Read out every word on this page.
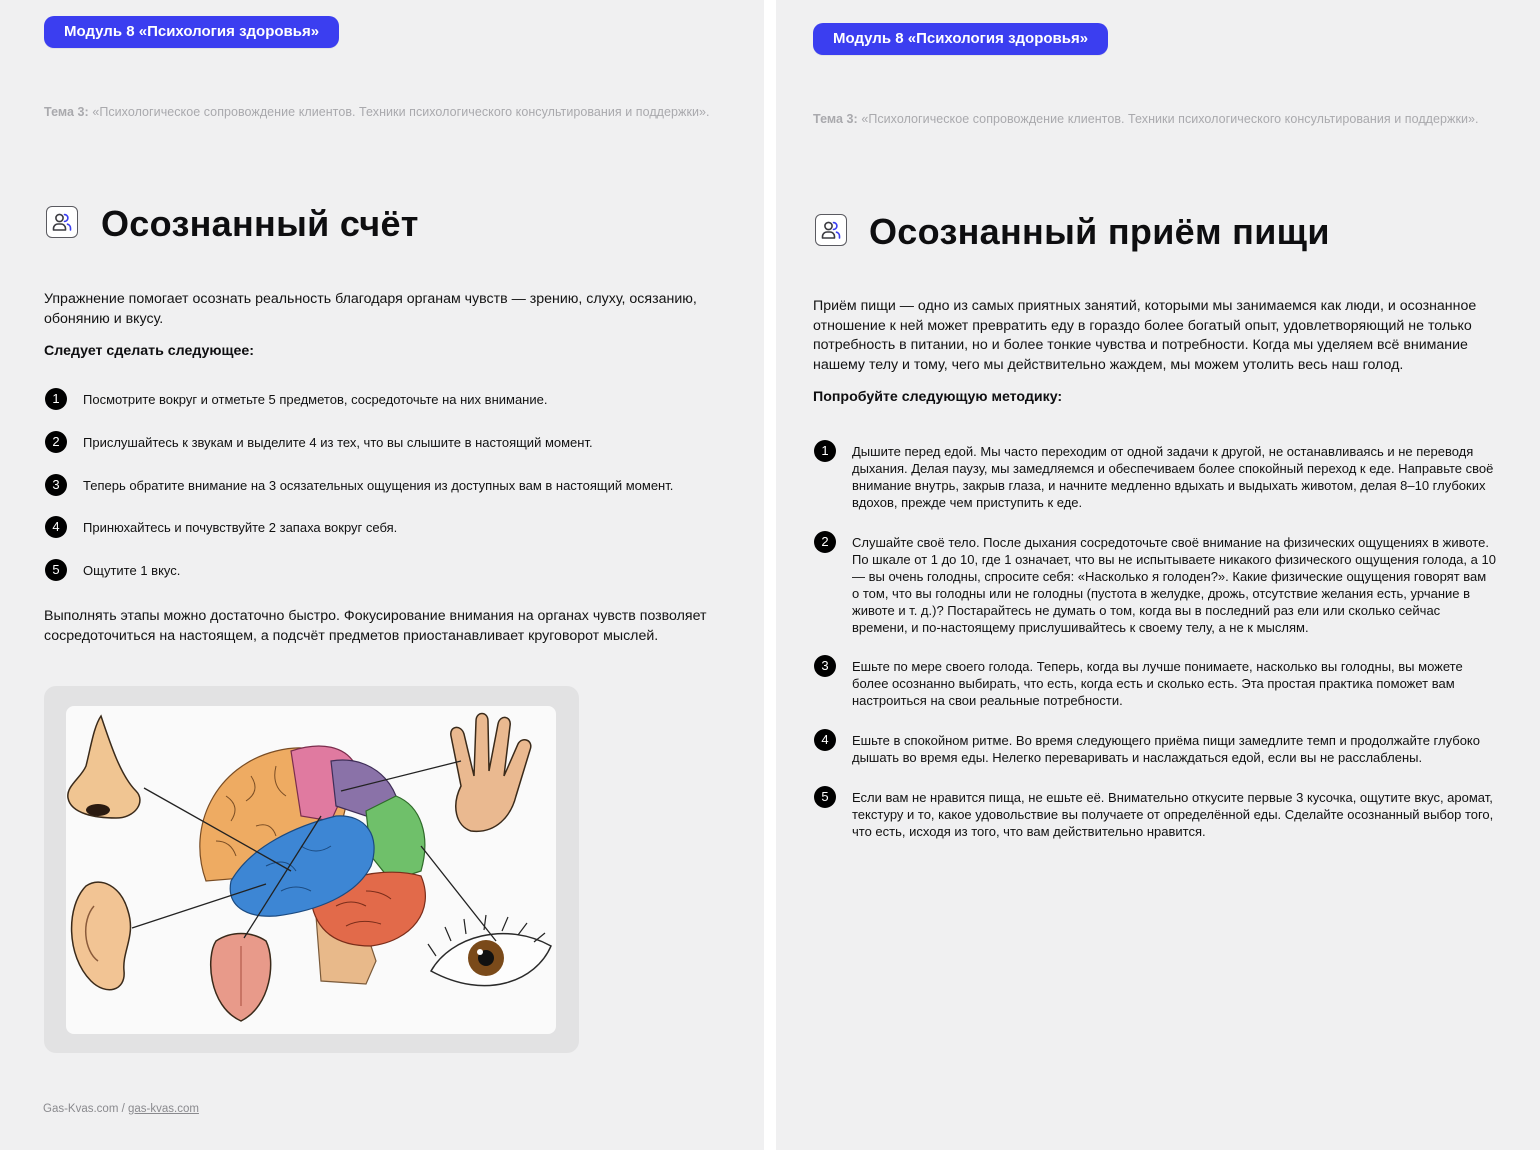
Модуль 8 «Психология здоровья»
Тема 3: «Психологическое сопровождение клиентов. Техники психологического консультирования и поддержки».
Осознанный счёт
Упражнение помогает осознать реальность благодаря органам чувств — зрению, слуху, осязанию, обонянию и вкусу.
Следует сделать следующее:
1	Посмотрите вокруг и отметьте 5 предметов, сосредоточьте на них внимание.
2	Прислушайтесь к звукам и выделите 4 из тех, что вы слышите в настоящий момент.
3	Теперь обратите внимание на 3 осязательных ощущения из доступных вам в настоящий момент.
4	Принюхайтесь и почувствуйте 2 запаха вокруг себя.
5	Ощутите 1 вкус.
Выполнять этапы можно достаточно быстро. Фокусирование внимания на органах чувств позволяет сосредоточиться на настоящем, а подсчёт предметов приостанавливает круговорот мыслей.
Gas-Kvas.com / gas-kvas.com
Модуль 8 «Психология здоровья»
Тема 3: «Психологическое сопровождение клиентов. Техники психологического консультирования и поддержки».
Осознанный приём пищи
Приём пищи — одно из самых приятных занятий, которыми мы занимаемся как люди, и осознанное отношение к ней может превратить еду в гораздо более богатый опыт, удовлетворяющий не только потребность в питании, но и более тонкие чувства и потребности. Когда мы уделяем всё внимание нашему телу и тому, чего мы действительно жаждем, мы можем утолить весь наш голод.
Попробуйте следующую методику:
1	Дышите перед едой. Мы часто переходим от одной задачи к другой, не останавливаясь и не переводя дыхания. Делая паузу, мы замедляемся и обеспечиваем более спокойный переход к еде. Направьте своё внимание внутрь, закрыв глаза, и начните медленно вдыхать и выдыхать животом, делая 8–10 глубоких вдохов, прежде чем приступить к еде.
2	Слушайте своё тело. После дыхания сосредоточьте своё внимание на физических ощущениях в животе. По шкале от 1 до 10, где 1 означает, что вы не испытываете никакого физического ощущения голода, а 10 — вы очень голодны, спросите себя: «Насколько я голоден?». Какие физические ощущения говорят вам о том, что вы голодны или не голодны (пустота в желудке, дрожь, отсутствие желания есть, урчание в животе и т. д.)? Постарайтесь не думать о том, когда вы в последний раз ели или сколько сейчас времени, и по-настоящему прислушивайтесь к своему телу, а не к мыслям.
3	Ешьте по мере своего голода. Теперь, когда вы лучше понимаете, насколько вы голодны, вы можете более осознанно выбирать, что есть, когда есть и сколько есть. Эта простая практика поможет вам настроиться на свои реальные потребности.
4	Ешьте в спокойном ритме. Во время следующего приёма пищи замедлите темп и продолжайте глубоко дышать во время еды. Нелегко переваривать и наслаждаться едой, если вы не расслаблены.
5	Если вам не нравится пища, не ешьте её. Внимательно откусите первые 3 кусочка, ощутите вкус, аромат, текстуру и то, какое удовольствие вы получаете от определённой еды. Сделайте осознанный выбор того, что есть, исходя из того, что вам действительно нравится.
